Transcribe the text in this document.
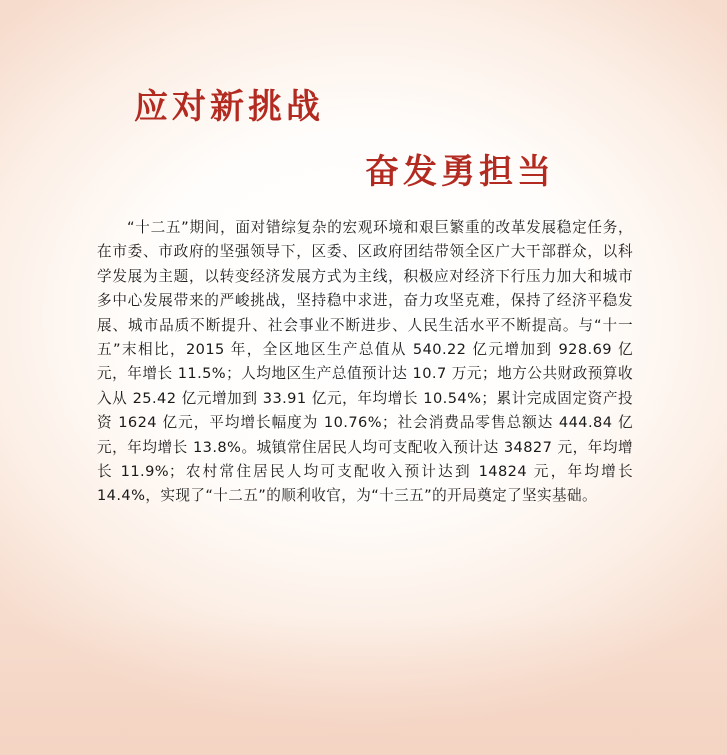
应对新挑战
奋发勇担当

“十二五”期间，面对错综复杂的宏观环境和艰巨繁重的改革发展稳定任务，在市委、市政府的坚强领导下，区委、区政府团结带领全区广大干部群众，以科学发展为主题，以转变经济发展方式为主线，积极应对经济下行压力加大和城市多中心发展带来的严峻挑战，坚持稳中求进，奋力攻坚克难，保持了经济平稳发展、城市品质不断提升、社会事业不断进步、人民生活水平不断提高。与“十一五”末相比，2015 年，全区地区生产总值从 540.22 亿元增加到 928.69 亿元，年增长 11.5%；人均地区生产总值预计达 10.7 万元；地方公共财政预算收入从 25.42 亿元增加到 33.91 亿元，年均增长 10.54%；累计完成固定资产投资 1624 亿元，平均增长幅度为 10.76%；社会消费品零售总额达 444.84 亿元，年均增长 13.8%。城镇常住居民人均可支配收入预计达 34827 元，年均增长 11.9%；农村常住居民人均可支配收入预计达到 14824 元，年均增长 14.4%，实现了“十二五”的顺利收官，为“十三五”的开局奠定了坚实基础。
